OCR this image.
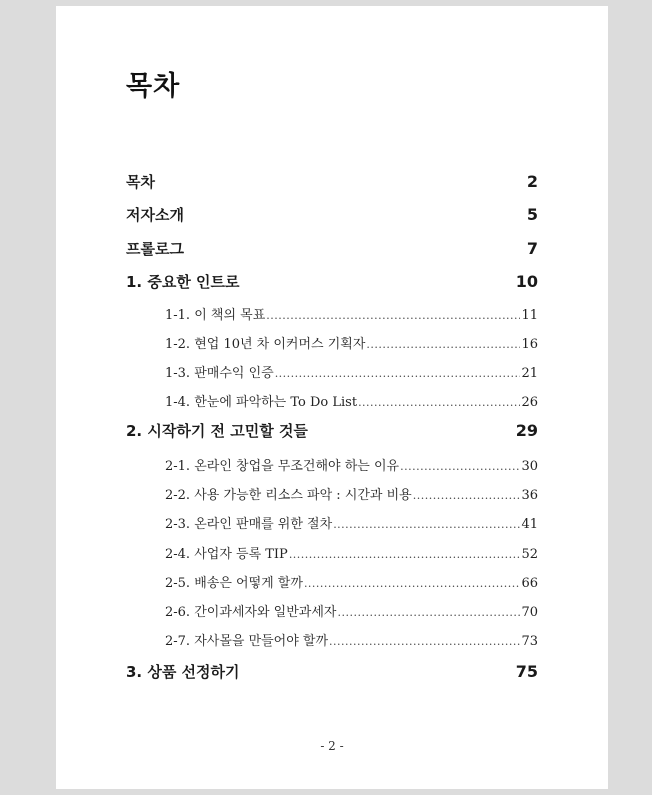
목차
목차	2
저자소개	5
프롤로그	7
1. 중요한 인트로	10
1-1. 이 책의 목표 .....	11
1-2. 현업 10년 차 이커머스 기획자 .....	16
1-3. 판매수익 인증 .....	21
1-4. 한눈에 파악하는 To Do List .....	26
2. 시작하기 전 고민할 것들	29
2-1. 온라인 창업을 무조건해야 하는 이유 .....	30
2-2. 사용 가능한 리소스 파악 : 시간과 비용 .....	36
2-3. 온라인 판매를 위한 절차 .....	41
2-4. 사업자 등록 TIP .....	52
2-5. 배송은 어떻게 할까 .....	66
2-6. 간이과세자와 일반과세자 .....	70
2-7. 자사몰을 만들어야 할까 .....	73
3. 상품 선정하기	75
- 2 -
